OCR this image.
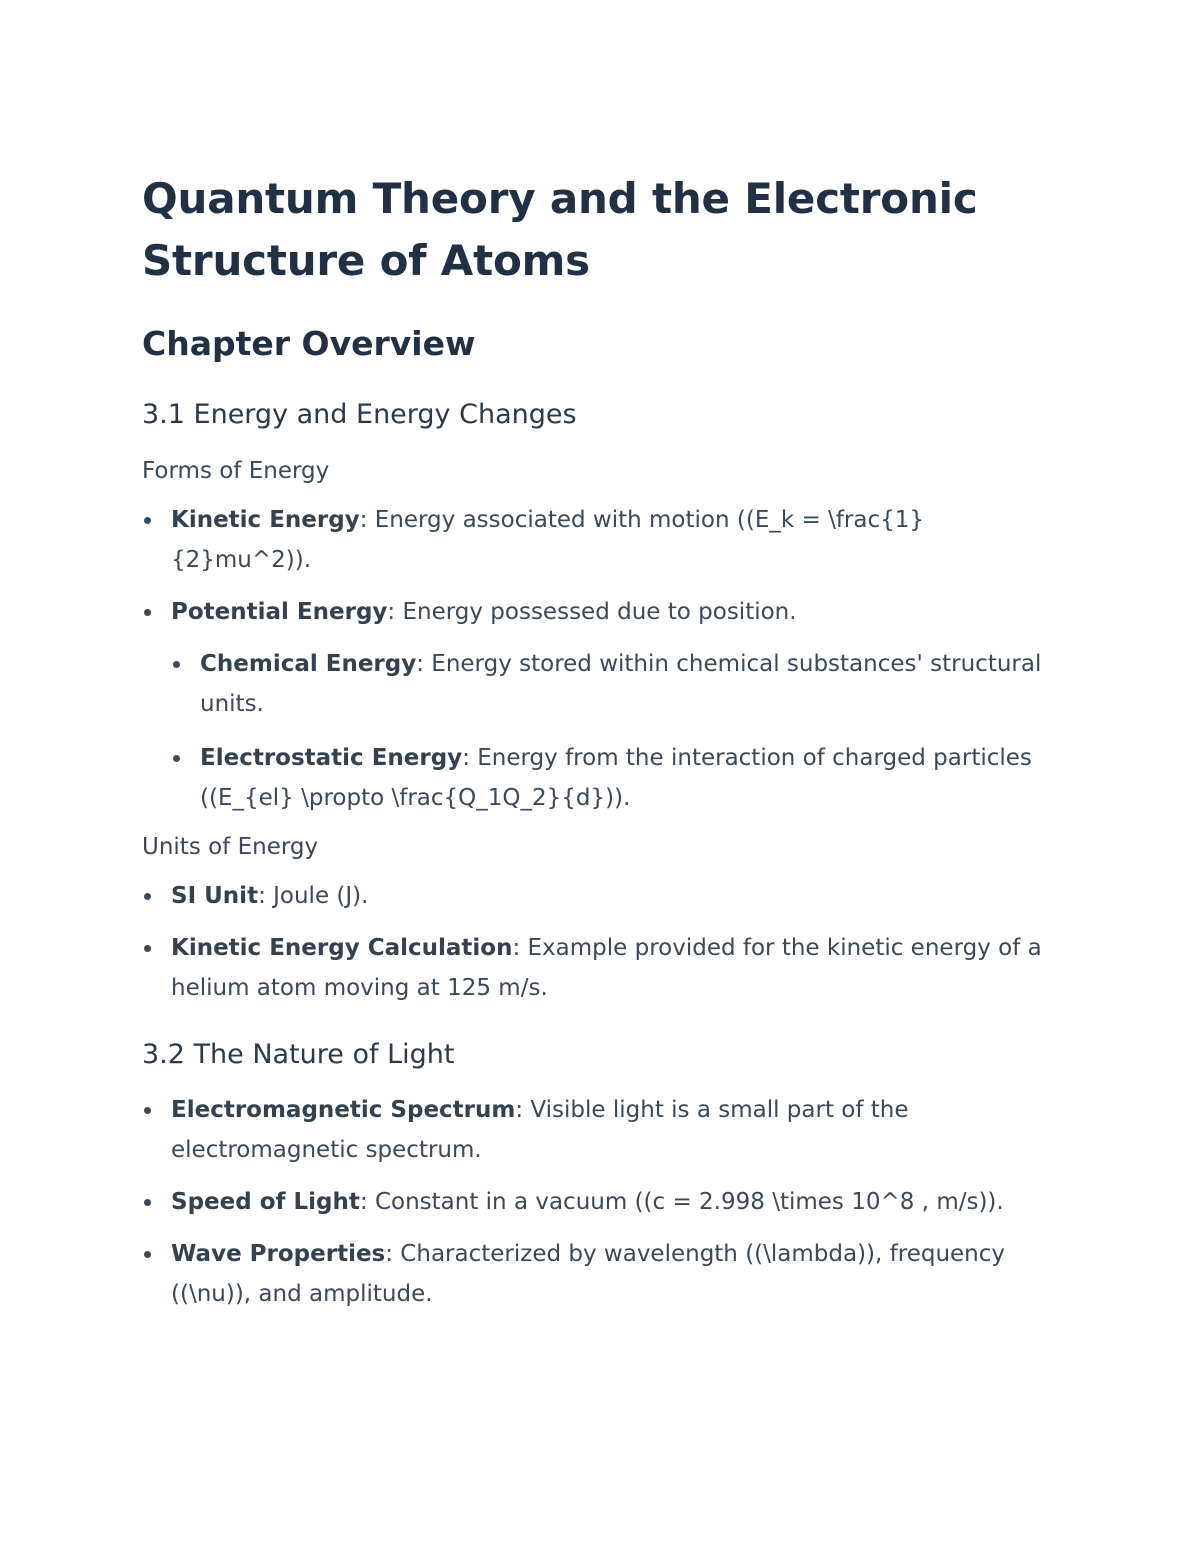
Quantum Theory and the Electronic Structure of Atoms
Chapter Overview
3.1 Energy and Energy Changes
Forms of Energy
Kinetic Energy: Energy associated with motion ((E_k = \frac{1}{2}mu^2)).
Potential Energy: Energy possessed due to position.
Chemical Energy: Energy stored within chemical substances' structural units.
Electrostatic Energy: Energy from the interaction of charged particles ((E_{el} \propto \frac{Q_1Q_2}{d})).
Units of Energy
SI Unit: Joule (J).
Kinetic Energy Calculation: Example provided for the kinetic energy of a helium atom moving at 125 m/s.
3.2 The Nature of Light
Electromagnetic Spectrum: Visible light is a small part of the electromagnetic spectrum.
Speed of Light: Constant in a vacuum ((c = 2.998 \times 10^8 , m/s)).
Wave Properties: Characterized by wavelength ((\lambda)), frequency ((\nu)), and amplitude.
